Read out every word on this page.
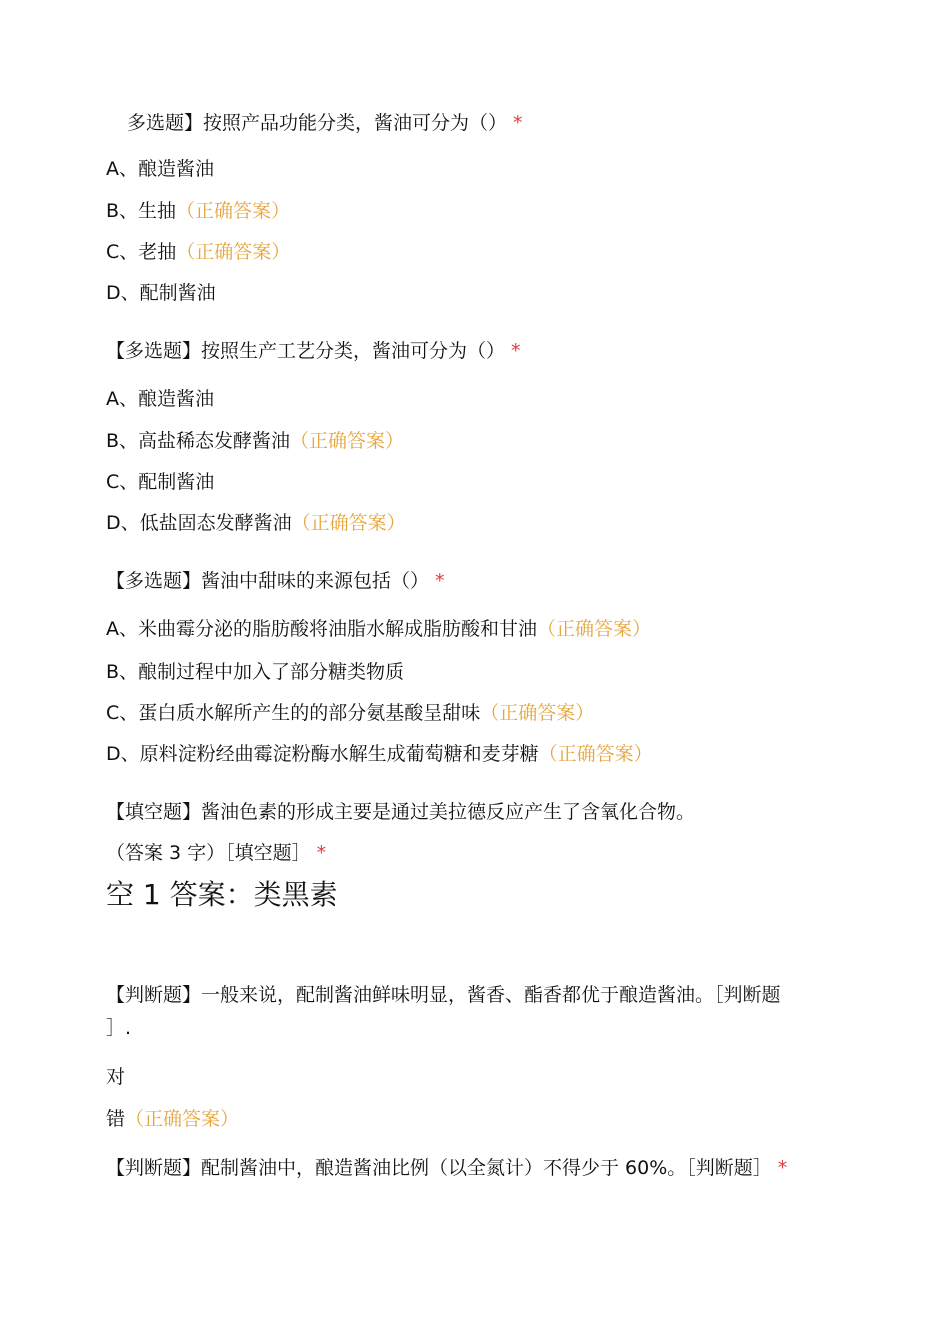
多选题】按照产品功能分类，酱油可分为（） *
A、酿造酱油
B、生抽（正确答案）
C、老抽（正确答案）
D、配制酱油
【多选题】按照生产工艺分类，酱油可分为（） *
A、酿造酱油
B、高盐稀态发酵酱油（正确答案）
C、配制酱油
D、低盐固态发酵酱油（正确答案）
【多选题】酱油中甜味的来源包括（） *
A、米曲霉分泌的脂肪酸将油脂水解成脂肪酸和甘油（正确答案）
B、酿制过程中加入了部分糖类物质
C、蛋白质水解所产生的的部分氨基酸呈甜味（正确答案）
D、原料淀粉经曲霉淀粉酶水解生成葡萄糖和麦芽糖（正确答案）
【填空题】酱油色素的形成主要是通过美拉德反应产生了含氧化合物。
（答案 3 字）［填空题］ *
空 1 答案：类黑素
【判断题】一般来说，配制酱油鲜味明显，酱香、酯香都优于酿造酱油。［判断题
］.
对
错（正确答案）
【判断题】配制酱油中，酿造酱油比例（以全氮计）不得少于 60%。［判断题］ *
